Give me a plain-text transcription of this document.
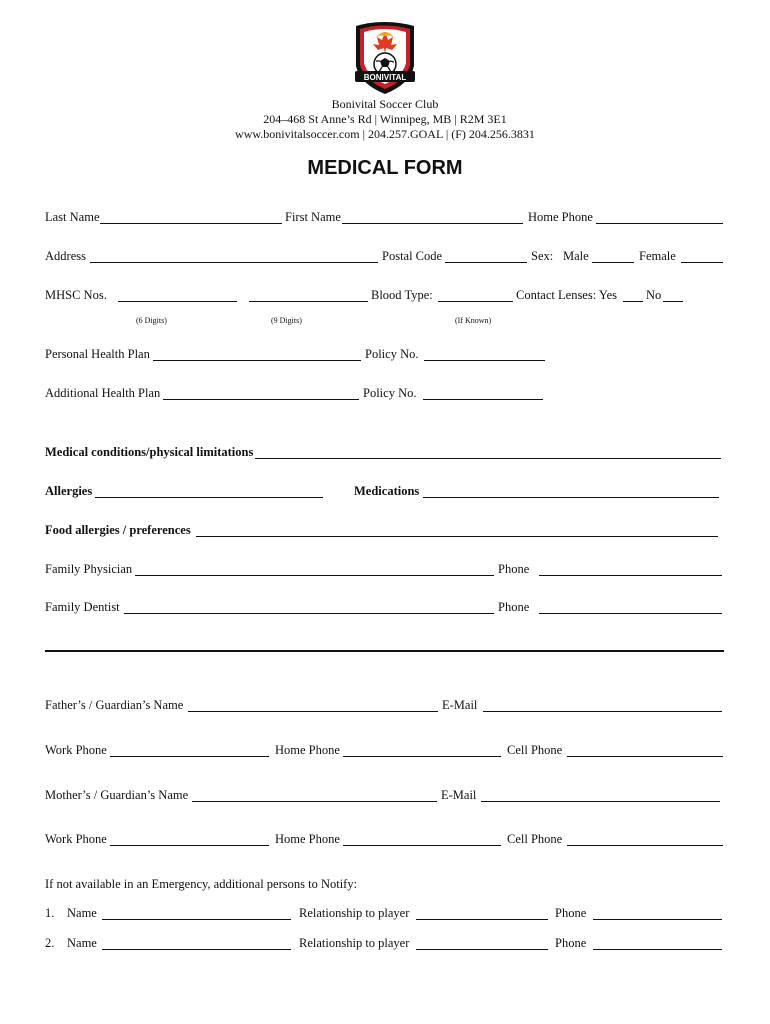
BONIVITAL
Bonivital Soccer Club
204–468 St Anne’s Rd | Winnipeg, MB | R2M 3E1
www.bonivitalsoccer.com | 204.257.GOAL | (F) 204.256.3831
MEDICAL FORM
Last Name	First Name	Home Phone
Address	Postal Code	Sex: Male	Female
MHSC Nos.	Blood Type:	Contact Lenses: Yes No
(6 Digits)	(9 Digits)	(If Known)
Personal Health Plan	Policy No.
Additional Health Plan	Policy No.
Medical conditions/physical limitations
Allergies	Medications
Food allergies / preferences
Family Physician	Phone
Family Dentist	Phone
Father’s / Guardian’s Name	E-Mail
Work Phone	Home Phone	Cell Phone
Mother’s / Guardian’s Name	E-Mail
Work Phone	Home Phone	Cell Phone
If not available in an Emergency, additional persons to Notify:
1. Name	Relationship to player	Phone
2. Name	Relationship to player	Phone
